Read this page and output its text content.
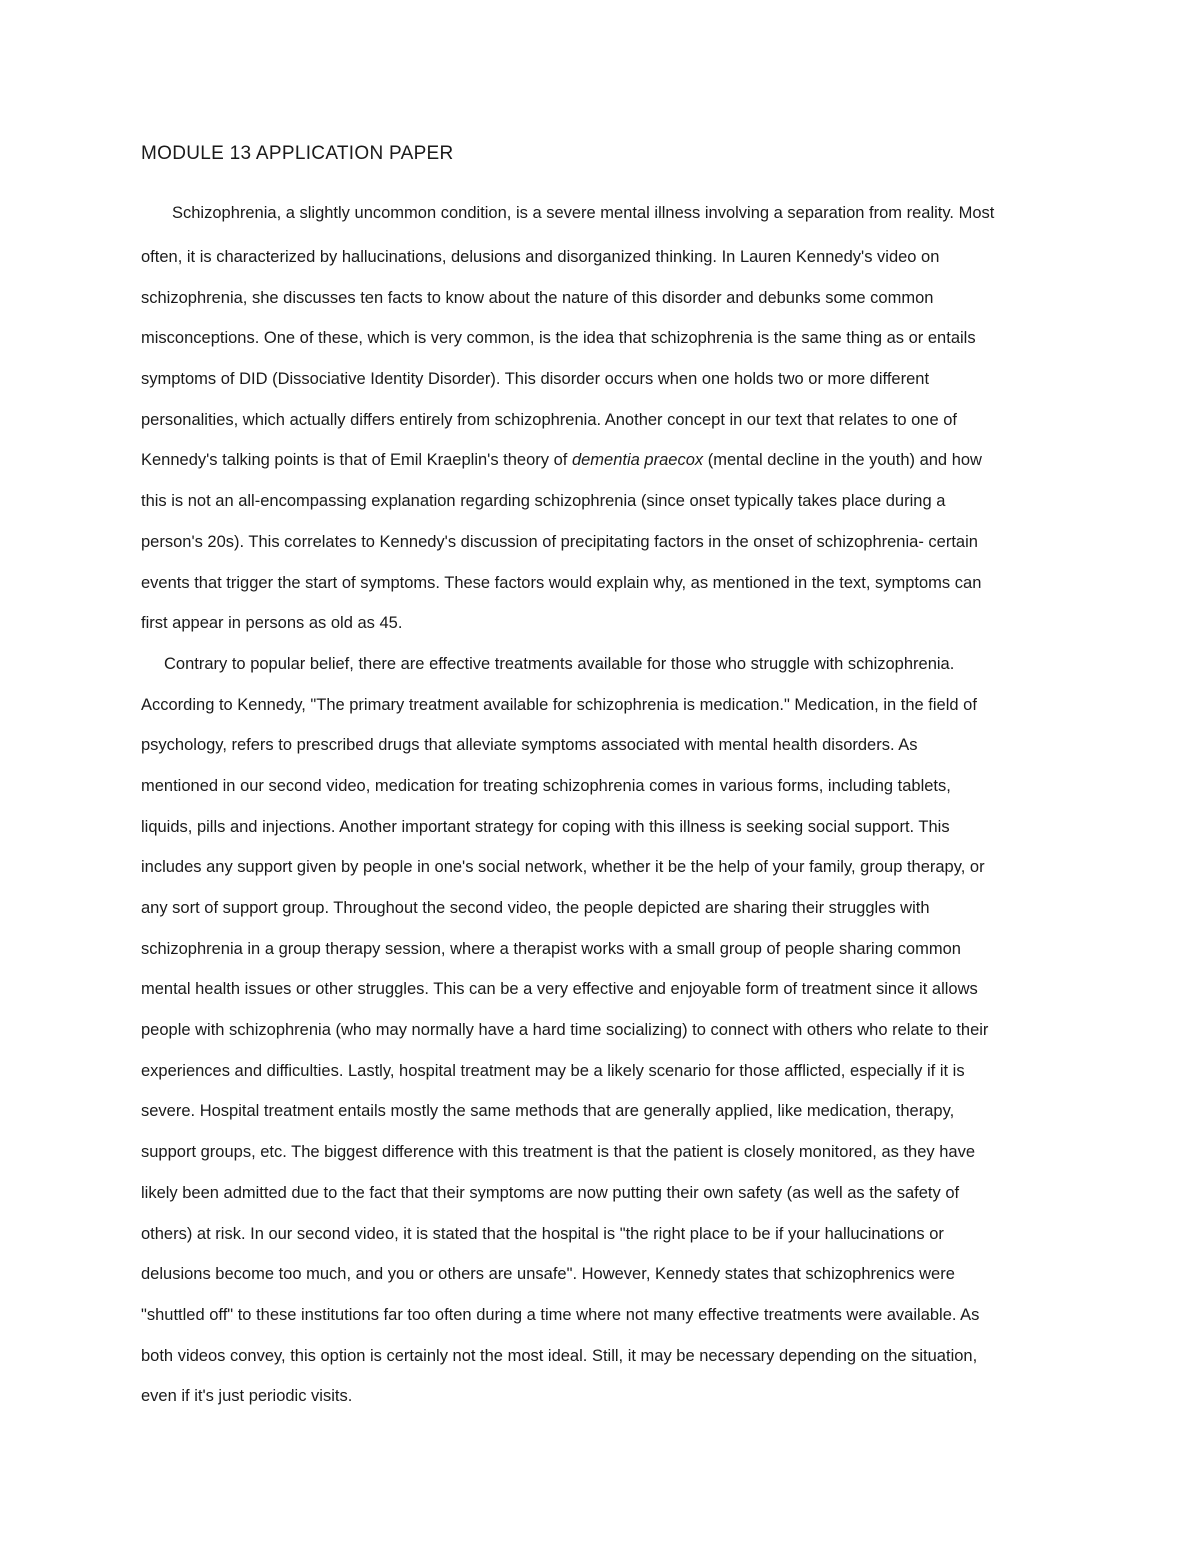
MODULE 13 APPLICATION PAPER
Schizophrenia, a slightly uncommon condition, is a severe mental illness involving a separation from reality. Most
often, it is characterized by hallucinations, delusions and disorganized thinking. In Lauren Kennedy's video on
schizophrenia, she discusses ten facts to know about the nature of this disorder and debunks some common
misconceptions. One of these, which is very common, is the idea that schizophrenia is the same thing as or entails
symptoms of DID (Dissociative Identity Disorder). This disorder occurs when one holds two or more different
personalities, which actually differs entirely from schizophrenia. Another concept in our text that relates to one of
Kennedy's talking points is that of Emil Kraeplin's theory of dementia praecox (mental decline in the youth) and how
this is not an all-encompassing explanation regarding schizophrenia (since onset typically takes place during a
person's 20s). This correlates to Kennedy's discussion of precipitating factors in the onset of schizophrenia- certain
events that trigger the start of symptoms. These factors would explain why, as mentioned in the text, symptoms can
first appear in persons as old as 45.
Contrary to popular belief, there are effective treatments available for those who struggle with schizophrenia.
According to Kennedy, "The primary treatment available for schizophrenia is medication." Medication, in the field of
psychology, refers to prescribed drugs that alleviate symptoms associated with mental health disorders. As
mentioned in our second video, medication for treating schizophrenia comes in various forms, including tablets,
liquids, pills and injections. Another important strategy for coping with this illness is seeking social support. This
includes any support given by people in one's social network, whether it be the help of your family, group therapy, or
any sort of support group. Throughout the second video, the people depicted are sharing their struggles with
schizophrenia in a group therapy session, where a therapist works with a small group of people sharing common
mental health issues or other struggles. This can be a very effective and enjoyable form of treatment since it allows
people with schizophrenia (who may normally have a hard time socializing) to connect with others who relate to their
experiences and difficulties. Lastly, hospital treatment may be a likely scenario for those afflicted, especially if it is
severe. Hospital treatment entails mostly the same methods that are generally applied, like medication, therapy,
support groups, etc. The biggest difference with this treatment is that the patient is closely monitored, as they have
likely been admitted due to the fact that their symptoms are now putting their own safety (as well as the safety of
others) at risk. In our second video, it is stated that the hospital is "the right place to be if your hallucinations or
delusions become too much, and you or others are unsafe". However, Kennedy states that schizophrenics were
"shuttled off" to these institutions far too often during a time where not many effective treatments were available. As
both videos convey, this option is certainly not the most ideal. Still, it may be necessary depending on the situation,
even if it's just periodic visits.
